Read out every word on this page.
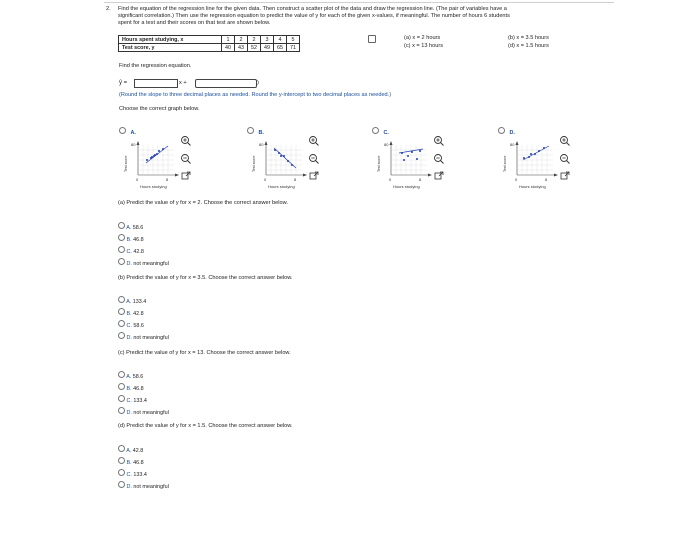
2. Find the equation of the regression line for the given data. Then construct a scatter plot of the data and draw the regression line. (The pair of variables have a
significant correlation.) Then use the regression equation to predict the value of y for each of the given x-values, if meaningful. The number of hours 6 students
spent for a test and their scores on that test are shown below.
Hours spent studying, x	1	2	2	3	4	5
Test score, y	40	43	52	49	65	71
(a) x = 2 hours
(c) x = 13 hours
(b) x = 3.5 hours
(d) x = 1.5 hours
Find the regression equation.
ŷ =	x +	)
(Round the slope to three decimal places as needed. Round the y-intercept to two decimal places as needed.)
Choose the correct graph below.
A.	B.	C.	D.
80
0	8
Hours studying
Test score
80
0	8
Hours studying
Test score
80
0	8
Hours studying
Test score
80
0	8
Hours studying
Test score
(a) Predict the value of y for x = 2. Choose the correct answer below.
A. 58.6
B. 46.8
C. 42.8
D. not meaningful
(b) Predict the value of y for x = 3.5. Choose the correct answer below.
A. 133.4
B. 42.8
C. 58.6
D. not meaningful
(c) Predict the value of y for x = 13. Choose the correct answer below.
A. 58.6
B. 46.8
C. 133.4
D. not meaningful
(d) Predict the value of y for x = 1.5. Choose the correct answer below.
A. 42.8
B. 46.8
C. 133.4
D. not meaningful
